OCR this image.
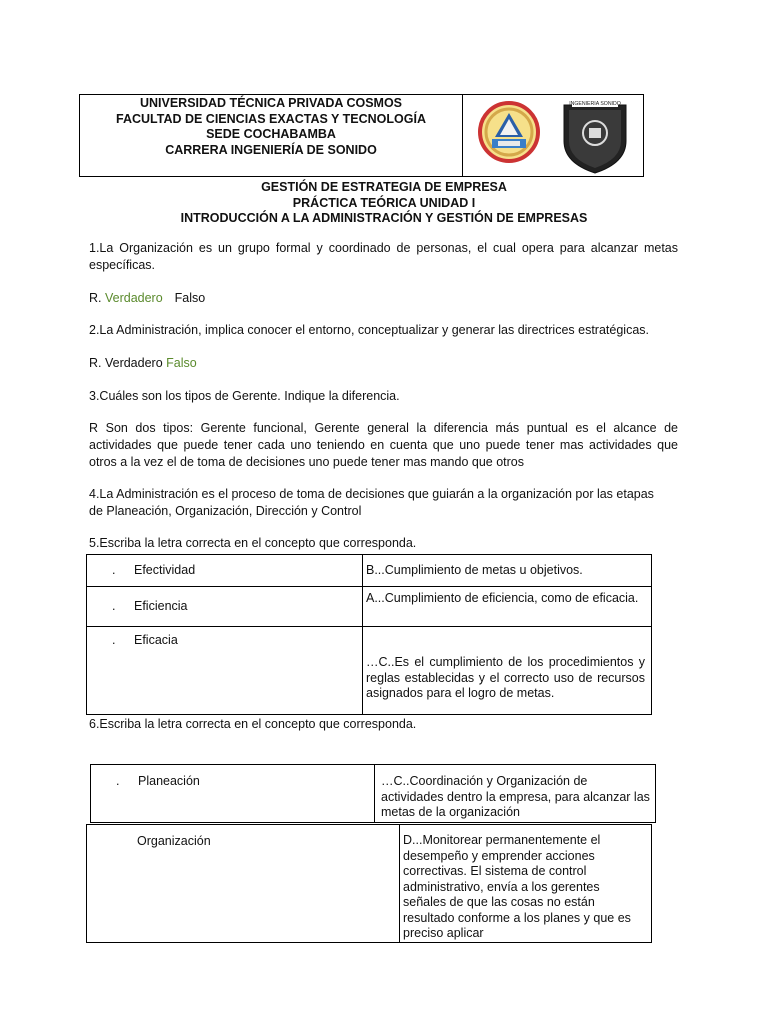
UNIVERSIDAD TÉCNICA PRIVADA COSMOS
FACULTAD DE CIENCIAS EXACTAS Y TECNOLOGÍA
SEDE COCHABAMBA
CARRERA INGENIERÍA DE SONIDO
INGENIERIA SONIDO
GESTIÓN DE ESTRATEGIA DE EMPRESA
PRÁCTICA TEÓRICA UNIDAD I
INTRODUCCIÓN A LA ADMINISTRACIÓN Y GESTIÓN DE EMPRESAS
1.La Organización es un grupo formal y coordinado de personas, el cual opera para alcanzar metas específicas.
R. Verdadero Falso
2.La Administración, implica conocer el entorno, conceptualizar y generar las directrices estratégicas.
R. Verdadero Falso
3.Cuáles son los tipos de Gerente. Indique la diferencia.
R Son dos tipos: Gerente funcional, Gerente general la diferencia más puntual es el alcance de actividades que puede tener cada uno teniendo en cuenta que uno puede tener mas actividades que otros a la vez el de toma de decisiones uno puede tener mas mando que otros
4.La Administración es el proceso de toma de decisiones que guiarán a la organización por las etapas
de Planeación, Organización, Dirección y Control
5.Escriba la letra correcta en el concepto que corresponda.
. Efectividad	B...Cumplimiento de metas u objetivos.
. Eficiencia	A...Cumplimiento de eficiencia, como de eficacia.
. Eficacia	…C..Es el cumplimiento de los procedimientos y reglas establecidas y el correcto uso de recursos asignados para el logro de metas.
6.Escriba la letra correcta en el concepto que corresponda.
. Planeación	…C..Coordinación y Organización de actividades dentro la empresa, para alcanzar las metas de la organización
Organización	D...Monitorear permanentemente el desempeño y emprender acciones correctivas. El sistema de control administrativo, envía a los gerentes señales de que las cosas no están resultado conforme a los planes y que es preciso aplicar
